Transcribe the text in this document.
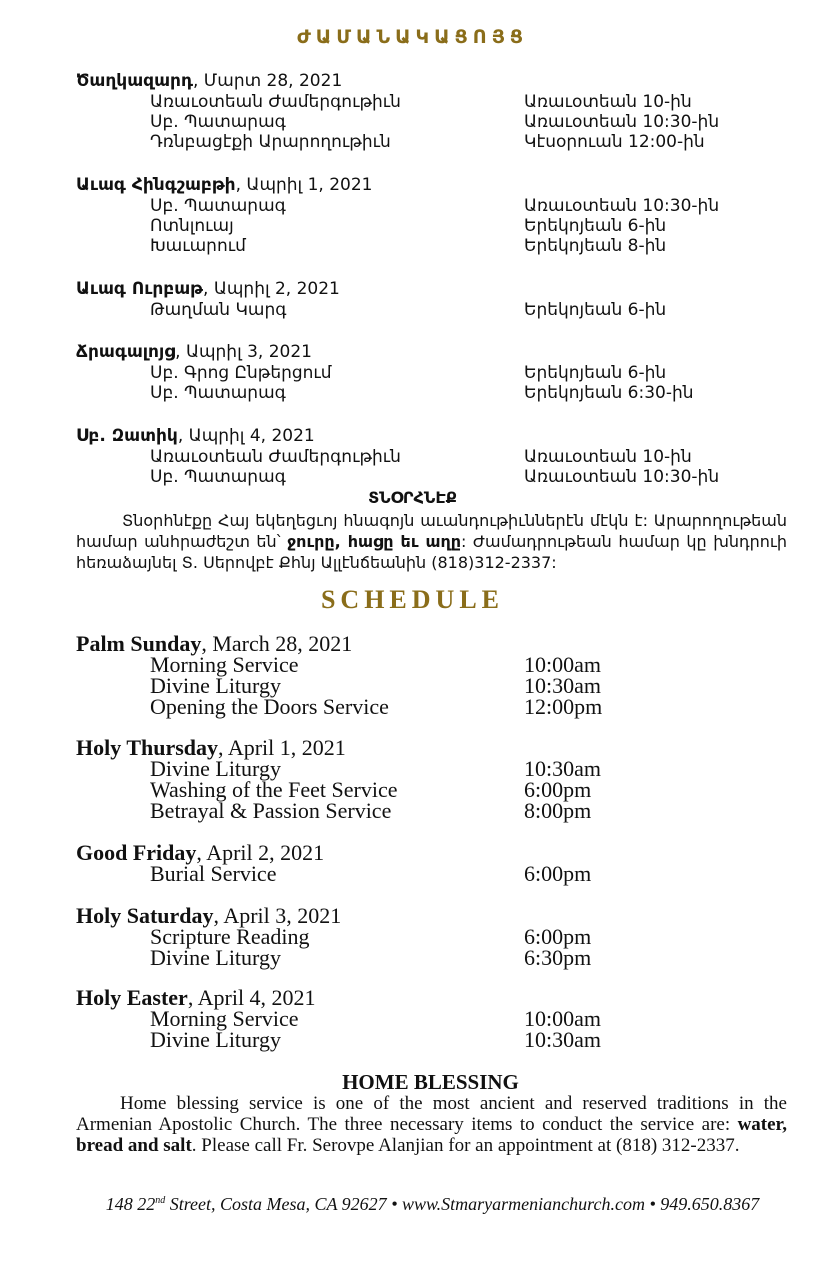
ԺԱՄԱՆԱԿԱՑՈՅՑ
Ծաղկազարդ, Մարտ 28, 2021
Առաւօտեան Ժամերգութիւն	Առաւօտեան 10-ին
Սբ. Պատարագ	Առաւօտեան 10:30-ին
Դռնբացէքի Արարողութիւն	Կէսօրուան 12:00-ին
Աւագ Հինգշաբթի, Ապրիլ 1, 2021
Սբ. Պատարագ	Առաւօտեան 10:30-ին
Ոտնլուայ	Երեկոյեան 6-ին
Խաւարում	Երեկոյեան 8-ին
Աւագ Ուրբաթ, Ապրիլ 2, 2021
Թաղման Կարգ	Երեկոյեան 6-ին
Ճրագալոյց, Ապրիլ 3, 2021
Սբ. Գրոց Ընթերցում	Երեկոյեան 6-ին
Սբ. Պատարագ	Երեկոյեան 6:30-ին
Սբ. Զատիկ, Ապրիլ 4, 2021
Առաւօտեան Ժամերգութիւն	Առաւօտեան 10-ին
Սբ. Պատարագ	Առաւօտեան 10:30-ին
ՏՆՕՐՀՆԷՔ
Տնօրհնէքը Հայ եկեղեցւոյ հնագոյն աւանդութիւններէն մէկն է: Արարողութեան համար անհրաժեշտ են՝ ջուրը, հացը եւ աղը: Ժամադրութեան համար կը խնդրուի հեռաձայնել Տ. Սերովբէ Քհնյ Ալլէնճեանին (818)312-2337:
SCHEDULE
Palm Sunday, March 28, 2021
Morning Service	10:00am
Divine Liturgy	10:30am
Opening the Doors Service	12:00pm
Holy Thursday, April 1, 2021
Divine Liturgy	10:30am
Washing of the Feet Service	6:00pm
Betrayal & Passion Service	8:00pm
Good Friday, April 2, 2021
Burial Service	6:00pm
Holy Saturday, April 3, 2021
Scripture Reading	6:00pm
Divine Liturgy	6:30pm
Holy Easter, April 4, 2021
Morning Service	10:00am
Divine Liturgy	10:30am
HOME BLESSING
Home blessing service is one of the most ancient and reserved traditions in the Armenian Apostolic Church. The three necessary items to conduct the service are: water, bread and salt. Please call Fr. Serovpe Alanjian for an appointment at (818) 312-2337.
148 22nd Street, Costa Mesa, CA 92627 • www.Stmaryarmenianchurch.com • 949.650.8367
